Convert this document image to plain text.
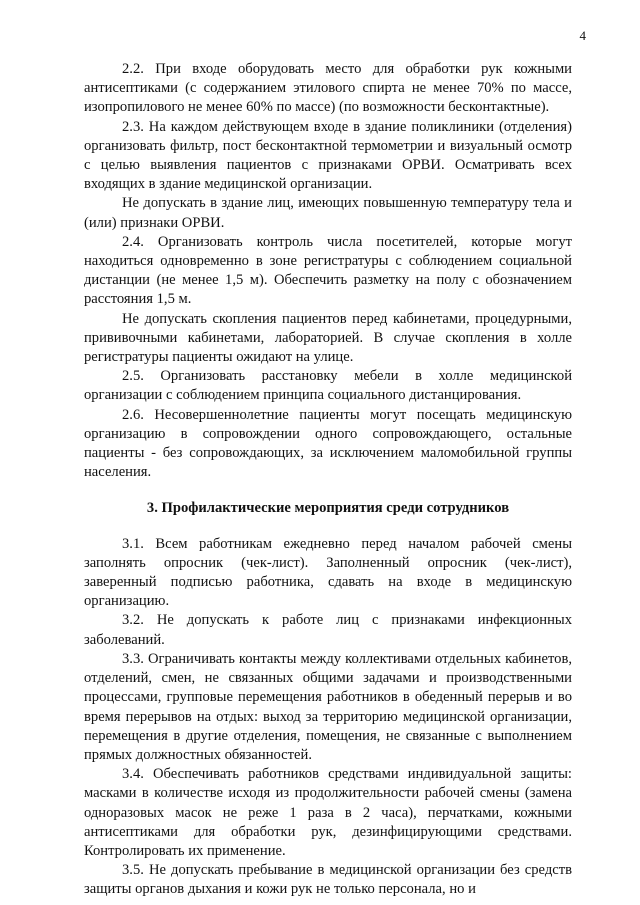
4

2.2. При входе оборудовать место для обработки рук кожными антисептиками (с содержанием этилового спирта не менее 70% по массе, изопропилового не менее 60% по массе) (по возможности бесконтактные).

2.3. На каждом действующем входе в здание поликлиники (отделения) организовать фильтр, пост бесконтактной термометрии и визуальный осмотр с целью выявления пациентов с признаками ОРВИ. Осматривать всех входящих в здание медицинской организации.

Не допускать в здание лиц, имеющих повышенную температуру тела и (или) признаки ОРВИ.

2.4. Организовать контроль числа посетителей, которые могут находиться одновременно в зоне регистратуры с соблюдением социальной дистанции (не менее 1,5 м). Обеспечить разметку на полу с обозначением расстояния 1,5 м.

Не допускать скопления пациентов перед кабинетами, процедурными, прививочными кабинетами, лабораторией. В случае скопления в холле регистратуры пациенты ожидают на улице.

2.5. Организовать расстановку мебели в холле медицинской организации с соблюдением принципа социального дистанцирования.

2.6. Несовершеннолетние пациенты могут посещать медицинскую организацию в сопровождении одного сопровождающего, остальные пациенты - без сопровождающих, за исключением маломобильной группы населения.

3. Профилактические мероприятия среди сотрудников

3.1. Всем работникам ежедневно перед началом рабочей смены заполнять опросник (чек-лист). Заполненный опросник (чек-лист), заверенный подписью работника, сдавать на входе в медицинскую организацию.

3.2. Не допускать к работе лиц с признаками инфекционных заболеваний.

3.3. Ограничивать контакты между коллективами отдельных кабинетов, отделений, смен, не связанных общими задачами и производственными процессами, групповые перемещения работников в обеденный перерыв и во время перерывов на отдых: выход за территорию медицинской организации, перемещения в другие отделения, помещения, не связанные с выполнением прямых должностных обязанностей.

3.4. Обеспечивать работников средствами индивидуальной защиты: масками в количестве исходя из продолжительности рабочей смены (замена одноразовых масок не реже 1 раза в 2 часа), перчатками, кожными антисептиками для обработки рук, дезинфицирующими средствами. Контролировать их применение.

3.5. Не допускать пребывание в медицинской организации без средств защиты органов дыхания и кожи рук не только персонала, но и
